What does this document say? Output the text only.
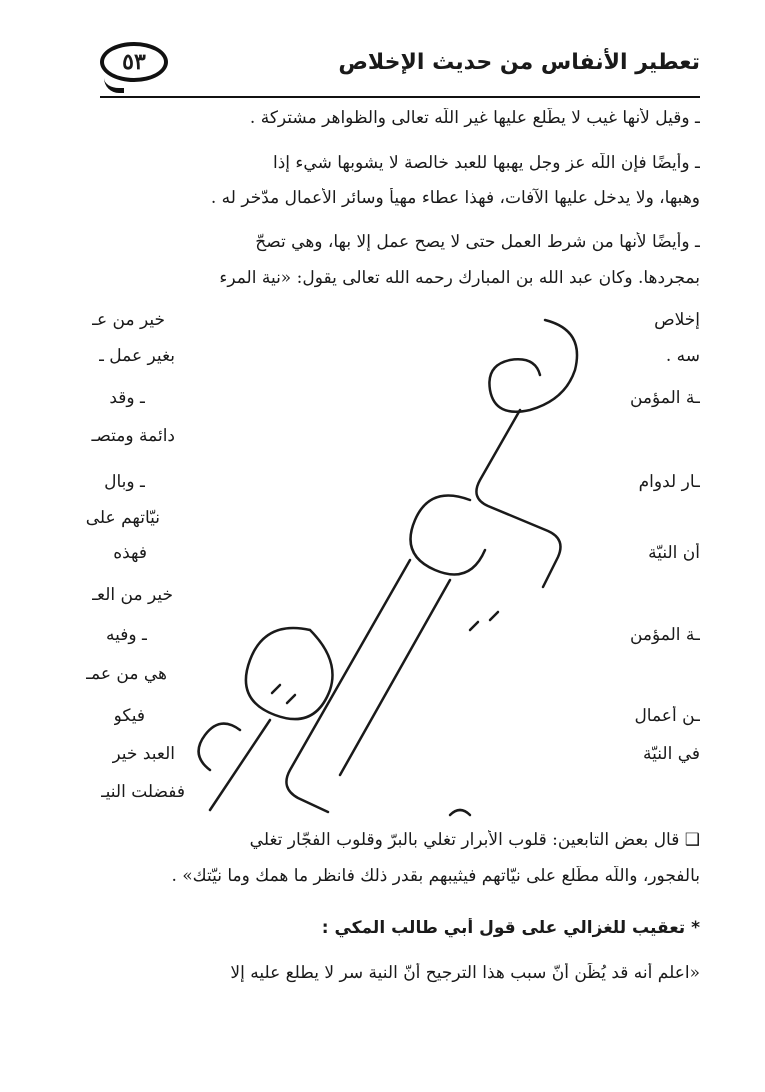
٥٣	تعطير الأنفاس من حديث الإخلاص
ـ وقيل لأنها غيب لا يطّلع عليها غير اللّه تعالى والظواهر مشتركة .
ـ وأيضًا فإن اللّه عز وجل يهبها للعبد خالصة لا يشوبها شيء إذا
وهبها، ولا يدخل عليها الآفات، فهذا عطاء مهيأ وسائر الأعمال مدّخر له .
ـ وأيضًا لأنها من شرط العمل حتى لا يصح عمل إلا بها، وهي تصحّ
بمجردها. وكان عبد الله بن المبارك رحمه الله تعالى يقول: «نية المرء
خير من عـ	إخلاص
بغير عمل ـ	سه .
ـ وقد	ـة المؤمن
دائمة ومتصـ
ـ وبال	ـار لدوام
نيّاتهم على
فهذه	أن النيّة
خير من العـ
ـ وفيه	ـة المؤمن
هي من عمـ
فيكو	ـن أعمال
العبد خير	في النيّة
ففضلت النيـ
❑ قال بعض التابعين: قلوب الأبرار تغلي بالبرّ وقلوب الفجّار تغلي
بالفجور، واللّه مطّلع على نيّاتهم فيثيبهم بقدر ذلك فانظر ما همك وما نيّتك» .
* تعقيب للغزالي على قول أبي طالب المكي :
«اعلم أنه قد يُظَن أنّ سبب هذا الترجيح أنّ النية سر لا يطلع عليه إلا
